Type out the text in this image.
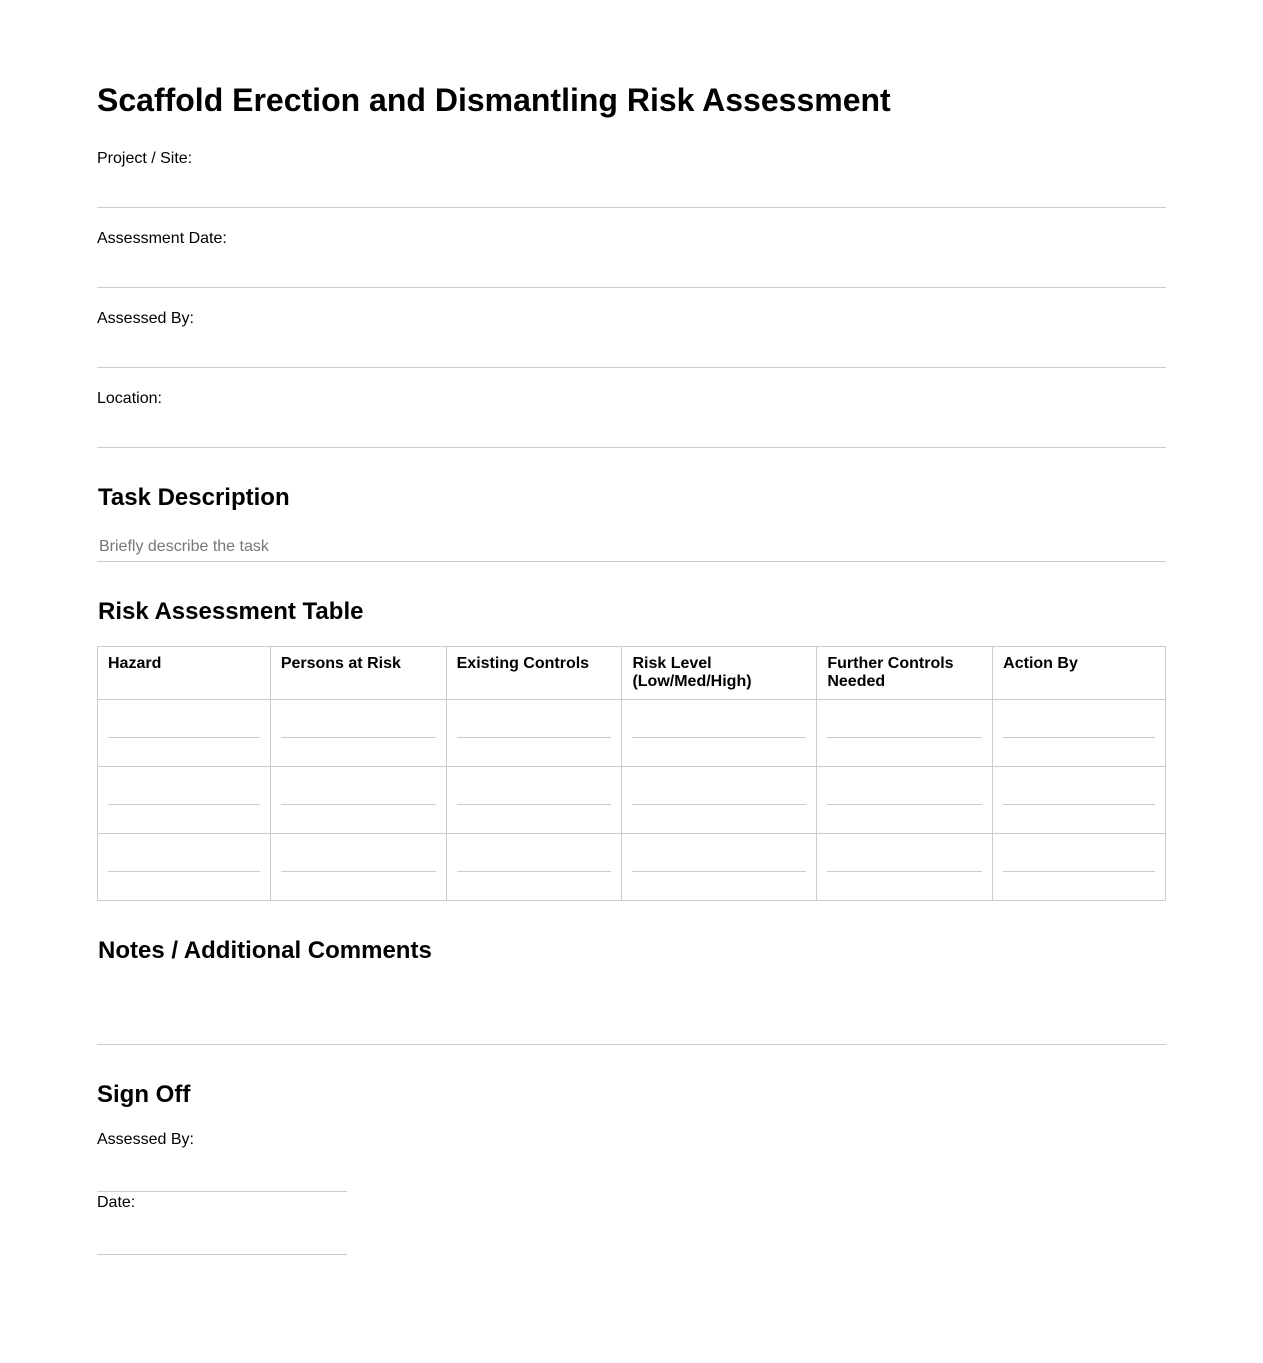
Scaffold Erection and Dismantling Risk Assessment
Project / Site:
Assessment Date:
Assessed By:
Location:
Task Description
Briefly describe the task
Risk Assessment Table
Hazard	Persons at Risk	Existing Controls	Risk Level (Low/Med/High)	Further Controls Needed	Action By

Notes / Additional Comments
Sign Off
Assessed By:
Date:
